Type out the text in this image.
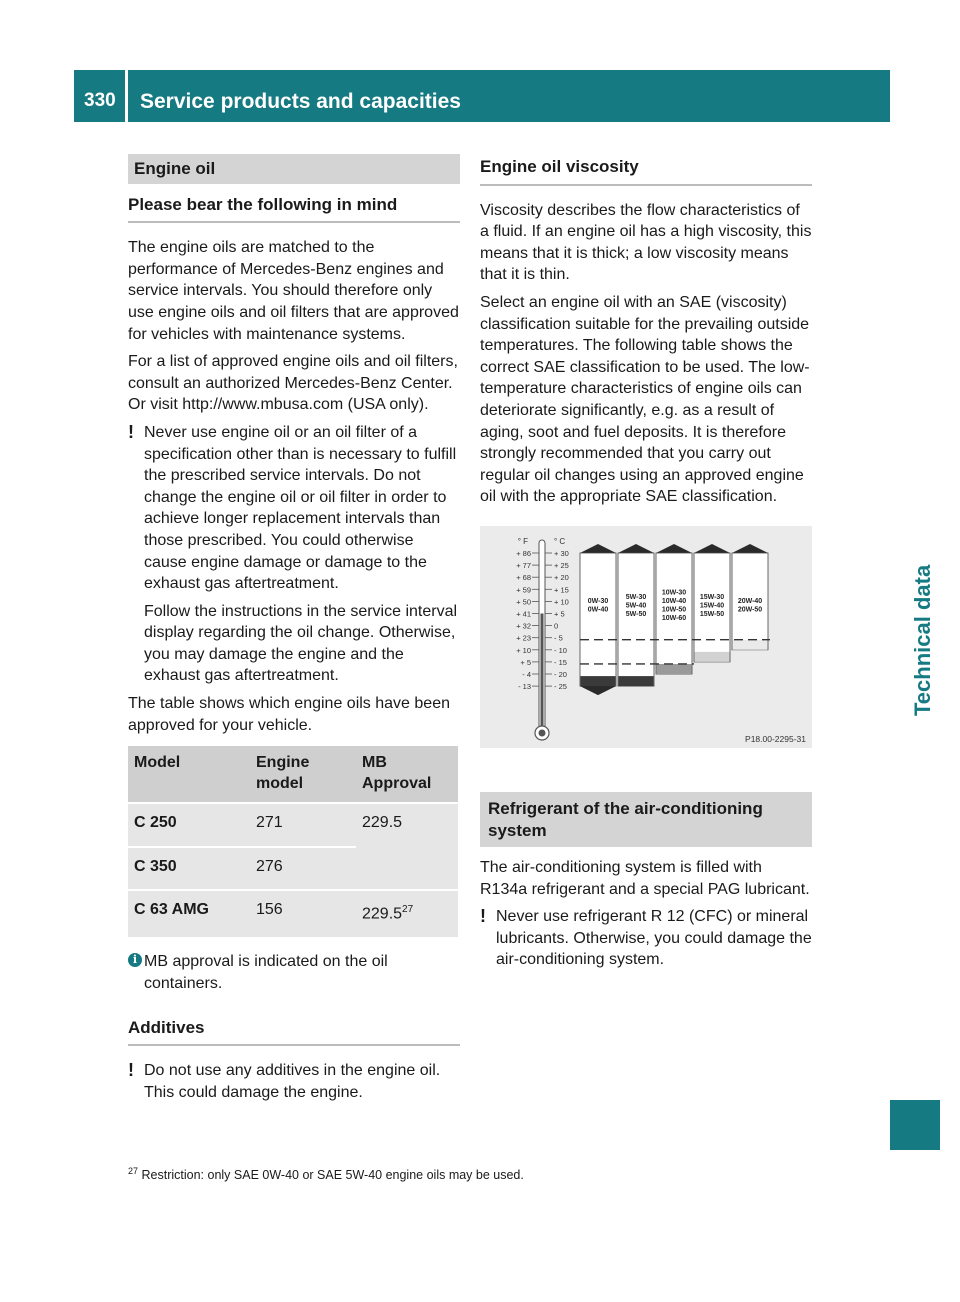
330 Service products and capacities
Technical data
Engine oil
Please bear the following in mind

The engine oils are matched to the performance of Mercedes-Benz engines and service intervals. You should therefore only use engine oils and oil filters that are approved for vehicles with maintenance systems.

For a list of approved engine oils and oil filters, consult an authorized Mercedes-Benz Center. Or visit http://www.mbusa.com (USA only).

! Never use engine oil or an oil filter of a specification other than is necessary to fulfill the prescribed service intervals. Do not change the engine oil or oil filter in order to achieve longer replacement intervals than those prescribed. You could otherwise cause engine damage or damage to the exhaust gas aftertreatment.
Follow the instructions in the service interval display regarding the oil change. Otherwise, you may damage the engine and the exhaust gas aftertreatment.

The table shows which engine oils have been approved for your vehicle.

Model	Engine model	MB Approval
C 250	271	229.5
C 350	276	
C 63 AMG	156	229.5$^{27}$
i MB approval is indicated on the oil containers.
Additives
! Do not use any additives in the engine oil. This could damage the engine.
Engine oil viscosity

Viscosity describes the flow characteristics of a fluid. If an engine oil has a high viscosity, this means that it is thick; a low viscosity means that it is thin.

Select an engine oil with an SAE (viscosity) classification suitable for the prevailing outside temperatures. The following table shows the correct SAE classification to be used. The low-temperature characteristics of engine oils can deteriorate significantly, e.g. as a result of aging, soot and fuel deposits. It is therefore strongly recommended that you carry out regular oil changes using an approved engine oil with the appropriate SAE classification.

° F	° C
+ 86	+ 30
+ 77	+ 25
+ 68	+ 20
+ 59	+ 15
+ 50	+ 10
+ 41	+ 5
+ 32	0
+ 23	- 5
+ 10	- 10
+ 5	- 15
- 4	- 20
- 13	- 25
0W-30
0W-40
5W-30
5W-40
5W-50
10W-30
10W-40
10W-50
10W-60
15W-30
15W-40
15W-50
20W-40
20W-50
P18.00-2295-31
Refrigerant of the air-conditioning system

The air-conditioning system is filled with R134a refrigerant and a special PAG lubricant.

! Never use refrigerant R 12 (CFC) or mineral lubricants. Otherwise, you could damage the air-conditioning system.
$^{27}$ Restriction: only SAE 0W-40 or SAE 5W-40 engine oils may be used.
